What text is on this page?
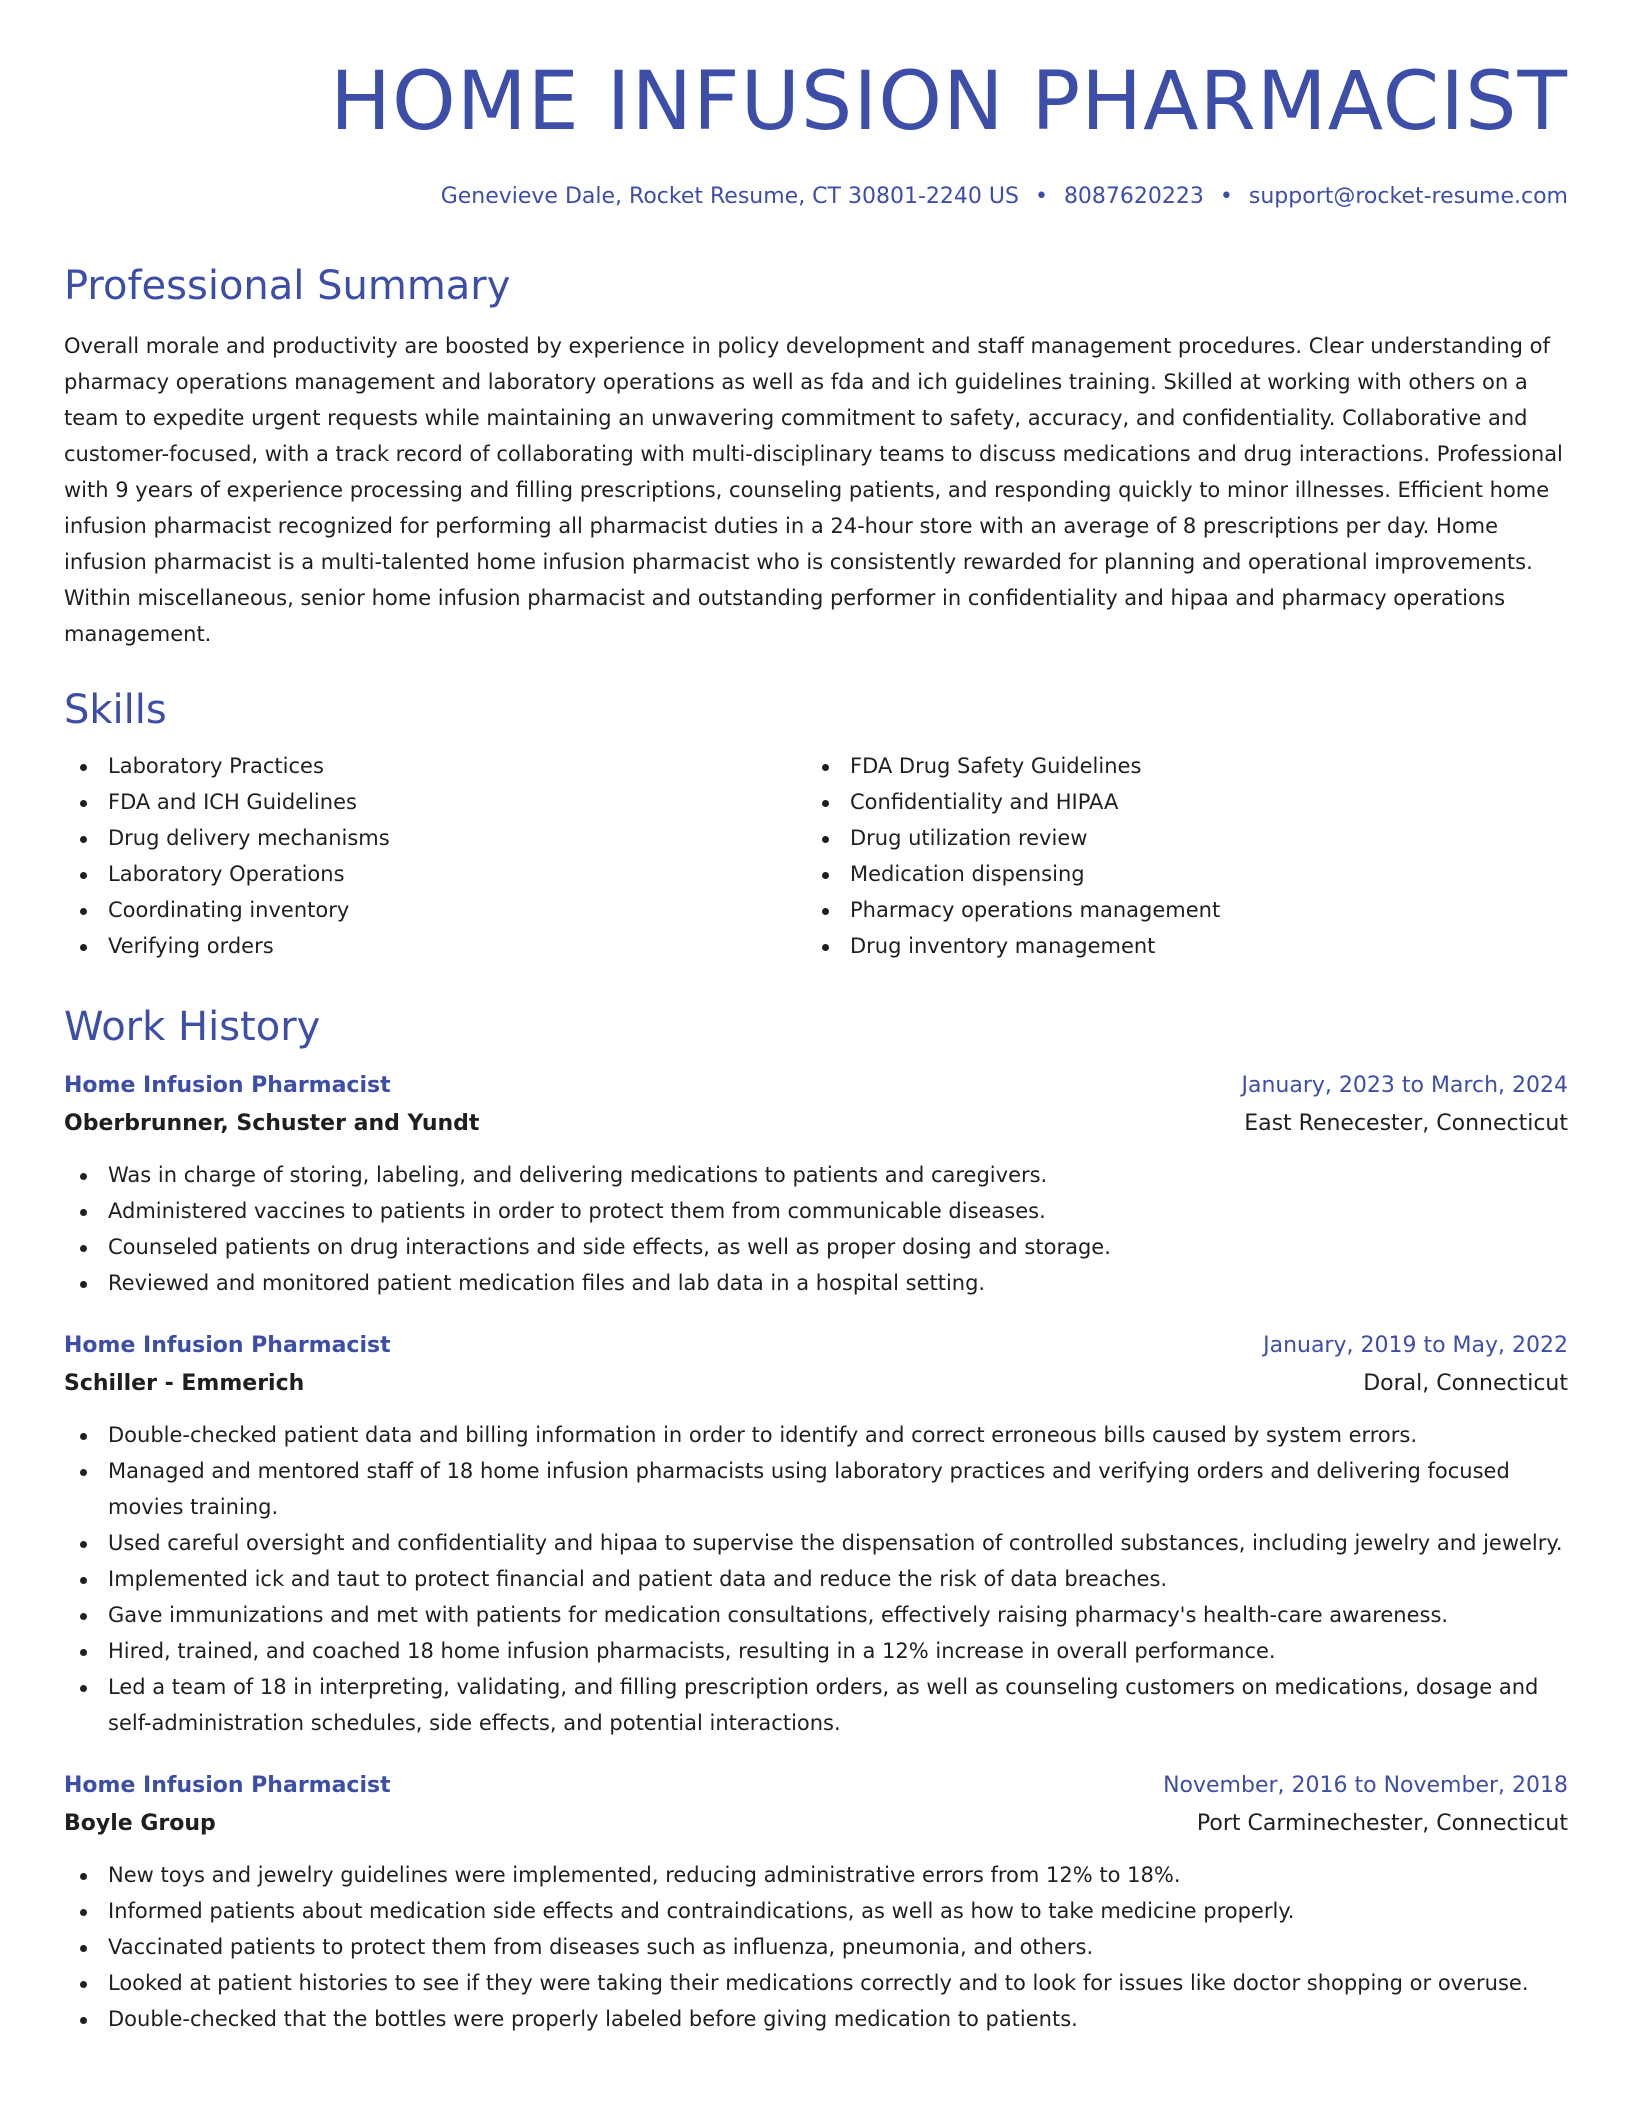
HOME INFUSION PHARMACIST
Genevieve Dale, Rocket Resume, CT 30801-2240 US • 8087620223 • support@rocket-resume.com
Professional Summary

Overall morale and productivity are boosted by experience in policy development and staff management procedures. Clear understanding of pharmacy operations management and laboratory operations as well as fda and ich guidelines training. Skilled at working with others on a team to expedite urgent requests while maintaining an unwavering commitment to safety, accuracy, and confidentiality. Collaborative and customer-focused, with a track record of collaborating with multi-disciplinary teams to discuss medications and drug interactions. Professional with 9 years of experience processing and filling prescriptions, counseling patients, and responding quickly to minor illnesses. Efficient home infusion pharmacist recognized for performing all pharmacist duties in a 24-hour store with an average of 8 prescriptions per day. Home infusion pharmacist is a multi-talented home infusion pharmacist who is consistently rewarded for planning and operational improvements. Within miscellaneous, senior home infusion pharmacist and outstanding performer in confidentiality and hipaa and pharmacy operations management.

Skills
Laboratory Practices
FDA and ICH Guidelines
Drug delivery mechanisms
Laboratory Operations
Coordinating inventory
Verifying orders
FDA Drug Safety Guidelines
Confidentiality and HIPAA
Drug utilization review
Medication dispensing
Pharmacy operations management
Drug inventory management
Work History
Home Infusion Pharmacist	January, 2023 to March, 2024
Oberbrunner, Schuster and Yundt	East Renecester, Connecticut
Was in charge of storing, labeling, and delivering medications to patients and caregivers.
Administered vaccines to patients in order to protect them from communicable diseases.
Counseled patients on drug interactions and side effects, as well as proper dosing and storage.
Reviewed and monitored patient medication files and lab data in a hospital setting.
Home Infusion Pharmacist	January, 2019 to May, 2022
Schiller - Emmerich	Doral, Connecticut
Double-checked patient data and billing information in order to identify and correct erroneous bills caused by system errors.
Managed and mentored staff of 18 home infusion pharmacists using laboratory practices and verifying orders and delivering focused movies training.
Used careful oversight and confidentiality and hipaa to supervise the dispensation of controlled substances, including jewelry and jewelry.
Implemented ick and taut to protect financial and patient data and reduce the risk of data breaches.
Gave immunizations and met with patients for medication consultations, effectively raising pharmacy's health-care awareness.
Hired, trained, and coached 18 home infusion pharmacists, resulting in a 12% increase in overall performance.
Led a team of 18 in interpreting, validating, and filling prescription orders, as well as counseling customers on medications, dosage and self-administration schedules, side effects, and potential interactions.
Home Infusion Pharmacist	November, 2016 to November, 2018
Boyle Group	Port Carminechester, Connecticut
New toys and jewelry guidelines were implemented, reducing administrative errors from 12% to 18%.
Informed patients about medication side effects and contraindications, as well as how to take medicine properly.
Vaccinated patients to protect them from diseases such as influenza, pneumonia, and others.
Looked at patient histories to see if they were taking their medications correctly and to look for issues like doctor shopping or overuse.
Double-checked that the bottles were properly labeled before giving medication to patients.
